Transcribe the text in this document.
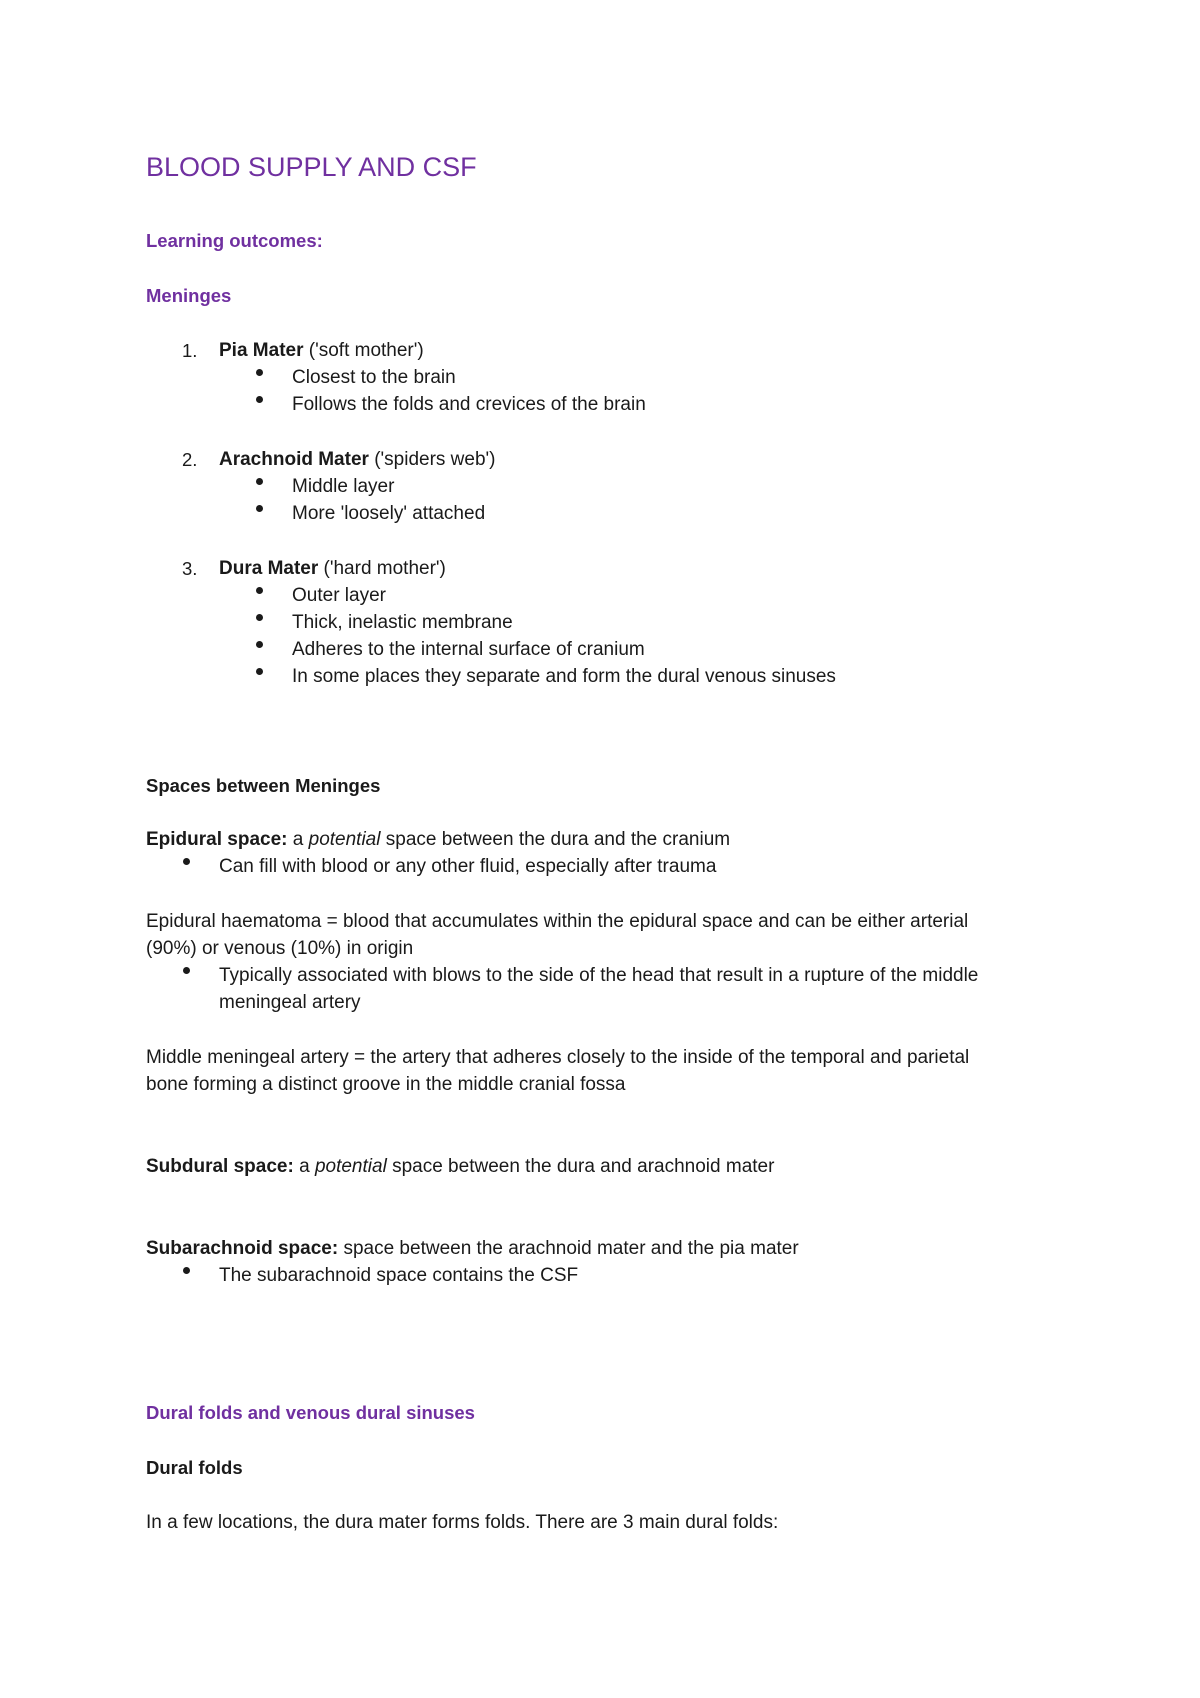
BLOOD SUPPLY AND CSF
Learning outcomes:
Meninges
1. Pia Mater ('soft mother')
Closest to the brain
Follows the folds and crevices of the brain
2. Arachnoid Mater ('spiders web')
Middle layer
More 'loosely' attached
3. Dura Mater ('hard mother')
Outer layer
Thick, inelastic membrane
Adheres to the internal surface of cranium
In some places they separate and form the dural venous sinuses
Spaces between Meninges
Epidural space: a potential space between the dura and the cranium
Can fill with blood or any other fluid, especially after trauma
Epidural haematoma = blood that accumulates within the epidural space and can be either arterial
(90%) or venous (10%) in origin
Typically associated with blows to the side of the head that result in a rupture of the middle
meningeal artery
Middle meningeal artery = the artery that adheres closely to the inside of the temporal and parietal
bone forming a distinct groove in the middle cranial fossa
Subdural space: a potential space between the dura and arachnoid mater
Subarachnoid space: space between the arachnoid mater and the pia mater
The subarachnoid space contains the CSF
Dural folds and venous dural sinuses
Dural folds
In a few locations, the dura mater forms folds. There are 3 main dural folds:
